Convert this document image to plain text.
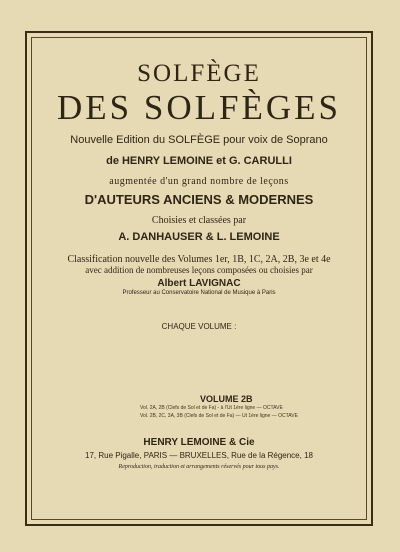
SOLFÈGE
DES SOLFÈGES
Nouvelle Edition du SOLFÈGE pour voix de Soprano
de HENRY LEMOINE et G. CARULLI
augmentée d'un grand nombre de leçons
D'AUTEURS ANCIENS & MODERNES
Choisies et classées par
A. DANHAUSER & L. LEMOINE
Classification nouvelle des Volumes 1er, 1B, 1C, 2A, 2B, 3e et 4e
avec addition de nombreuses leçons composées ou choisies par
Albert LAVIGNAC
Professeur au Conservatoire National de Musique à Paris
CHAQUE VOLUME :
VOLUME 2B
Vol. 2A, 2B (Clefs de Sol et de Fa) - à l'Ut 1ère ligne — OCTAVE
Vol. 2B, 2C, 3A, 3B (Clefs de Sol et de Fa) — Ut 1ère ligne — OCTAVE
HENRY LEMOINE & Cie
17, Rue Pigalle, PARIS — BRUXELLES, Rue de la Régence, 18
Reproduction, traduction et arrangements réservés pour tous pays.
